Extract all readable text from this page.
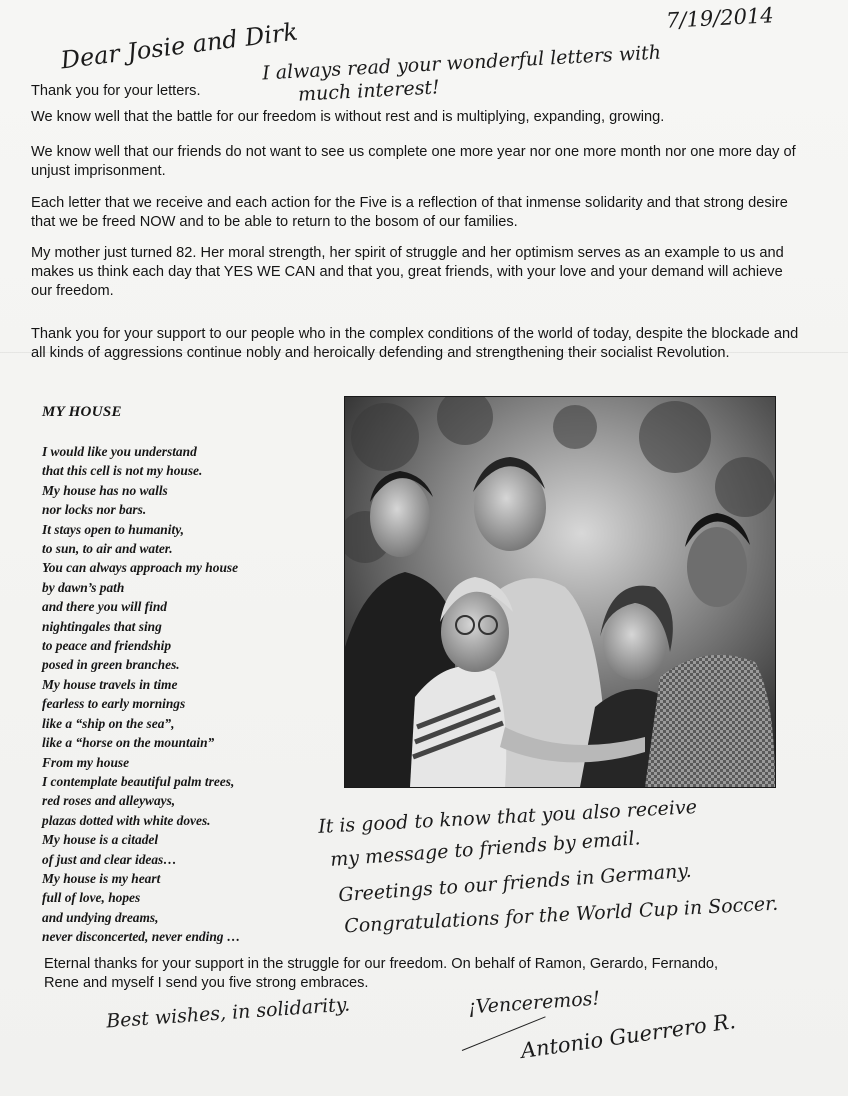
7/19/2014
Dear Josie and Dirk
I always read your wonderful letters with
much interest!
Thank you for your letters.
We know well that the battle for our freedom is without rest and is multiplying, expanding, growing.
We know well that our friends do not want to see us complete one more year nor one more month nor one more day of unjust imprisonment.
Each letter that we receive and each action for the Five is a reflection of that inmense solidarity and that strong desire that we be freed NOW and to be able to return to the bosom of our families.
My mother just turned 82. Her moral strength, her spirit of struggle and her optimism serves as an example to us and makes us think each day that YES WE CAN and that you, great friends, with your love and your demand will achieve our freedom.
Thank you for your support to our people who in the complex conditions of the world of today, despite the blockade and all kinds of aggressions continue nobly and heroically defending and strengthening their socialist Revolution.
MY HOUSE
I would like you understand
that this cell is not my house.
My house has no walls
nor locks nor bars.
It stays open to humanity,
to sun, to air and water.
You can always approach my house
by dawn’s path
and there you will find
nightingales that sing
to peace and friendship
posed in green branches.
My house travels in time
fearless to early mornings
like a “ship on the sea”,
like a “horse on the mountain”
From my house
I contemplate beautiful palm trees,
red roses and alleyways,
plazas dotted with white doves.
My house is a citadel
of just and clear ideas…
My house is my heart
full of love, hopes
and undying dreams,
never disconcerted, never ending …
It is good to know that you also receive
my message to friends by email.
Greetings to our friends in Germany.
Congratulations for the World Cup in Soccer.
Eternal thanks for your support in the struggle for our freedom. On behalf of Ramon, Gerardo, Fernando, Rene and myself I send you five strong embraces.
Best wishes, in solidarity.	¡Venceremos!
Antonio Guerrero R.
